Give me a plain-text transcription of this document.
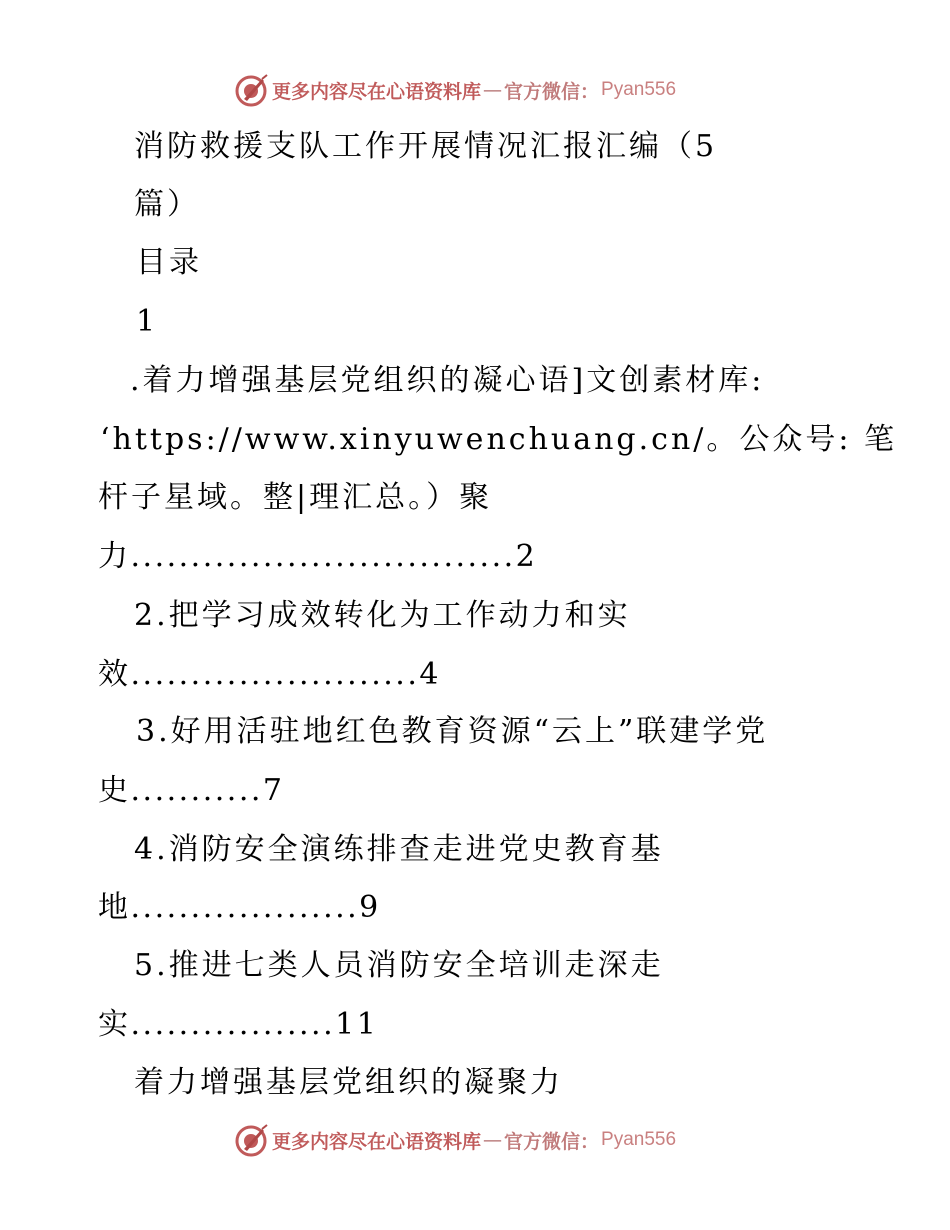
更多内容尽在心语资料库 — 官方微信： Pyan556

消防救援支队工作开展情况汇报汇编（5

篇）

目录

1

.着力增强基层党组织的凝心语]文创素材库:

‘https://www.xinyuwenchuang.cn/。公众号: 笔

杆子星域。整|理汇总。）聚

力................................2

2.把学习成效转化为工作动力和实

效........................4

3.好用活驻地红色教育资源“云上”联建学党

史...........7

4.消防安全演练排查走进党史教育基

地...................9

5.推进七类人员消防安全培训走深走

实.................11

着力增强基层党组织的凝聚力

更多内容尽在心语资料库 — 官方微信： Pyan556
